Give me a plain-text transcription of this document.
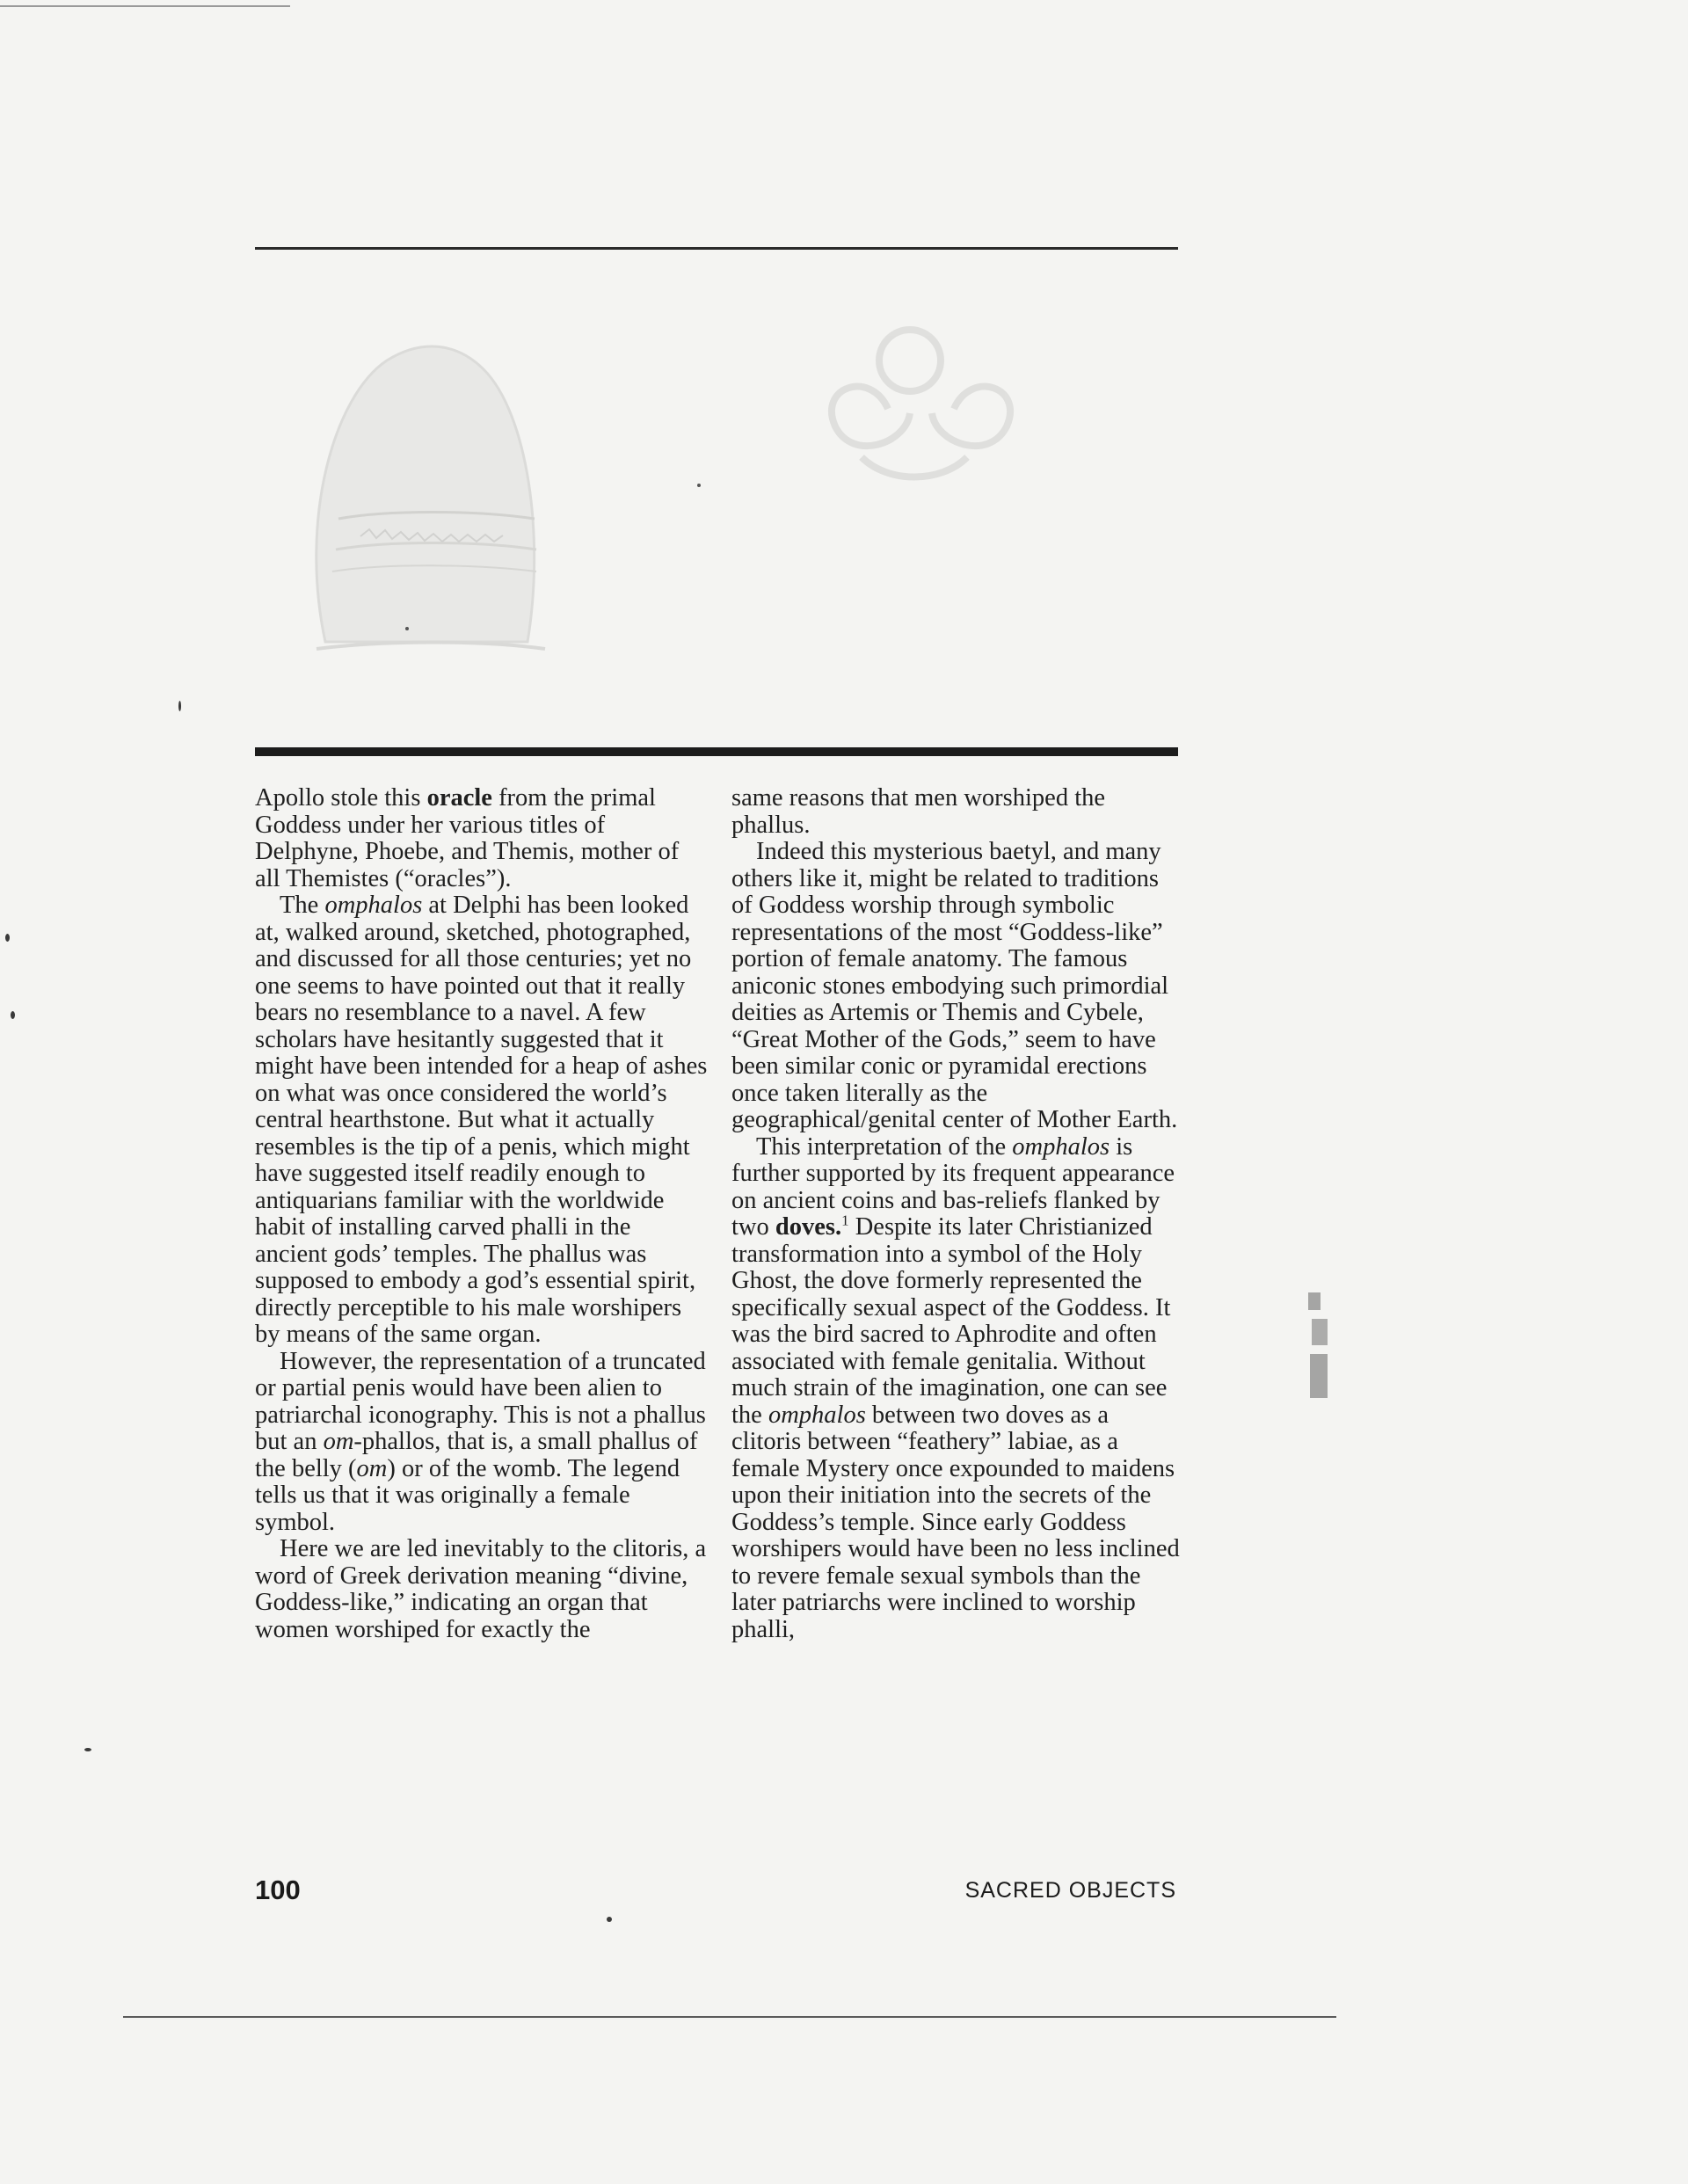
Apollo stole this oracle from the primal Goddess under her various titles of Delphyne, Phoebe, and Themis, mother of all Themistes (“oracles”).

The omphalos at Delphi has been looked at, walked around, sketched, photographed, and discussed for all those centuries; yet no one seems to have pointed out that it really bears no resemblance to a navel. A few scholars have hesitantly suggested that it might have been intended for a heap of ashes on what was once considered the world’s central hearthstone. But what it actually resembles is the tip of a penis, which might have suggested itself readily enough to antiquarians familiar with the worldwide habit of installing carved phalli in the ancient gods’ temples. The phallus was supposed to embody a god’s essential spirit, directly perceptible to his male worshipers by means of the same organ.

However, the representation of a truncated or partial penis would have been alien to patriarchal iconography. This is not a phallus but an om-phallos, that is, a small phallus of the belly (om) or of the womb. The legend tells us that it was originally a female symbol.

Here we are led inevitably to the clitoris, a word of Greek derivation meaning “divine, Goddess-like,” indicating an organ that women worshiped for exactly the

same reasons that men worshiped the phallus.

Indeed this mysterious baetyl, and many others like it, might be related to traditions of Goddess worship through symbolic representations of the most “Goddess-like” portion of female anatomy. The famous aniconic stones embodying such primordial deities as Artemis or Themis and Cybele, “Great Mother of the Gods,” seem to have been similar conic or pyramidal erections once taken literally as the geographical/genital center of Mother Earth.

This interpretation of the omphalos is further supported by its frequent appearance on ancient coins and bas-reliefs flanked by two doves.$^1$ Despite its later Christianized transformation into a symbol of the Holy Ghost, the dove formerly represented the specifically sexual aspect of the Goddess. It was the bird sacred to Aphrodite and often associated with female genitalia. Without much strain of the imagination, one can see the omphalos between two doves as a clitoris between “feathery” labiae, as a female Mystery once expounded to maidens upon their initiation into the secrets of the Goddess’s temple. Since early Goddess worshipers would have been no less inclined to revere female sexual symbols than the later patriarchs were inclined to worship phalli,

100	SACRED OBJECTS
